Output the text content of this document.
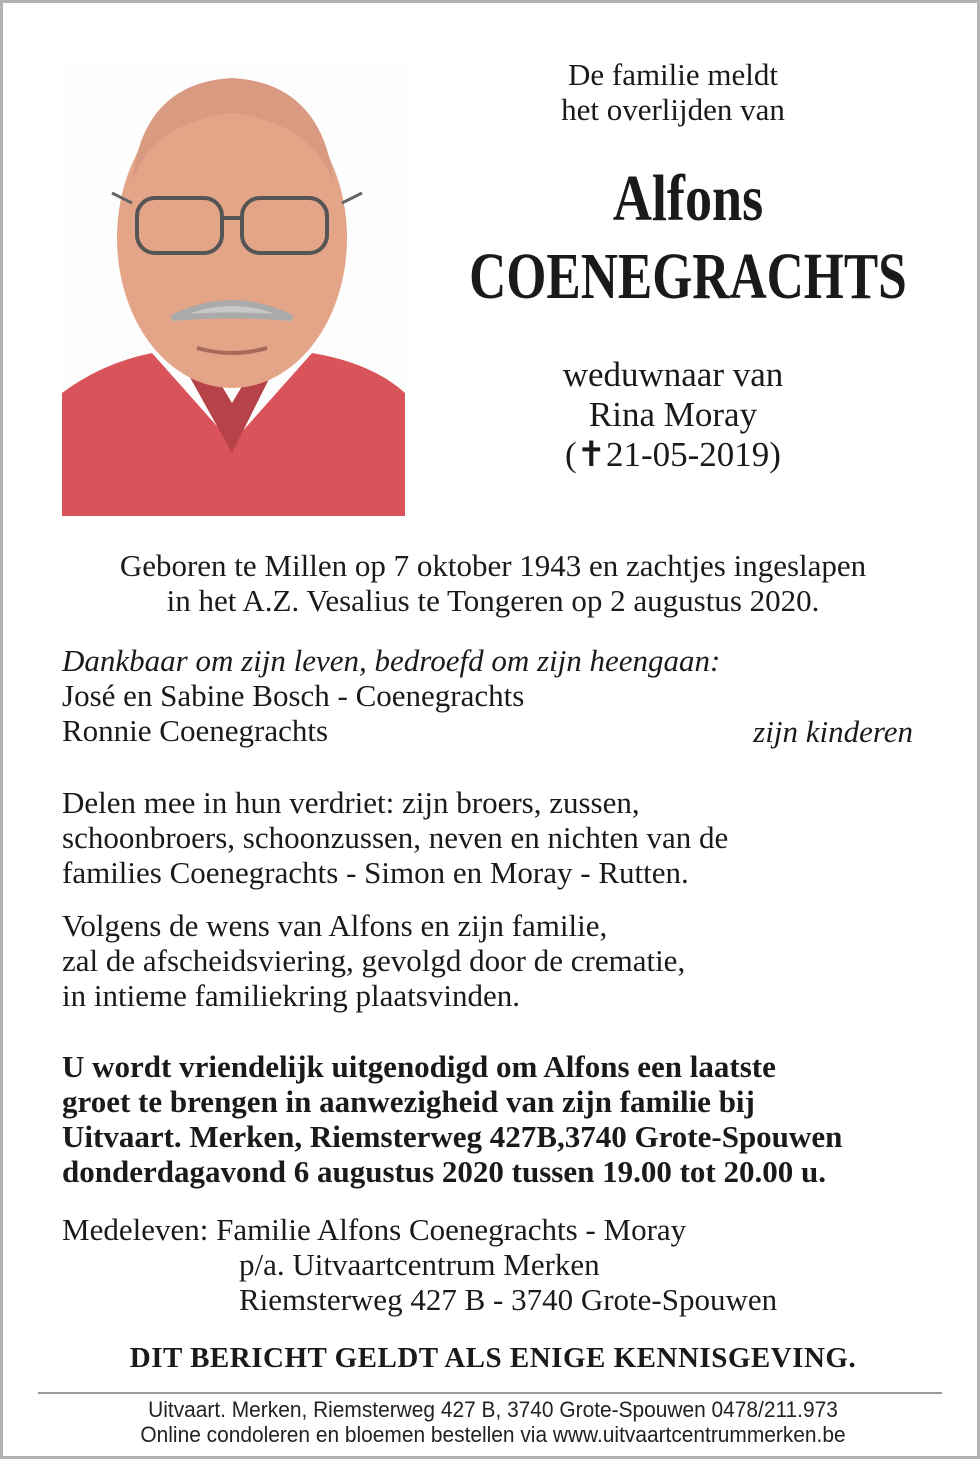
De familie meldt
het overlijden van
Alfons
COENEGRACHTS
weduwnaar van
Rina Moray
(✝21-05-2019)
Geboren te Millen op 7 oktober 1943 en zachtjes ingeslapen
in het A.Z. Vesalius te Tongeren op 2 augustus 2020.
Dankbaar om zijn leven, bedroefd om zijn heengaan:
José en Sabine Bosch - Coenegrachts
Ronnie Coenegrachts	zijn kinderen
Delen mee in hun verdriet: zijn broers, zussen,
schoonbroers, schoonzussen, neven en nichten van de
families Coenegrachts - Simon en Moray - Rutten.
Volgens de wens van Alfons en zijn familie,
zal de afscheidsviering, gevolgd door de crematie,
in intieme familiekring plaatsvinden.
U wordt vriendelijk uitgenodigd om Alfons een laatste
groet te brengen in aanwezigheid van zijn familie bij
Uitvaart. Merken, Riemsterweg 427B,3740 Grote-Spouwen
donderdagavond 6 augustus 2020 tussen 19.00 tot 20.00 u.
Medeleven: Familie Alfons Coenegrachts - Moray
p/a. Uitvaartcentrum Merken
Riemsterweg 427 B - 3740 Grote-Spouwen
DIT BERICHT GELDT ALS ENIGE KENNISGEVING.
Uitvaart. Merken, Riemsterweg 427 B, 3740 Grote-Spouwen 0478/211.973
Online condoleren en bloemen bestellen via www.uitvaartcentrummerken.be
